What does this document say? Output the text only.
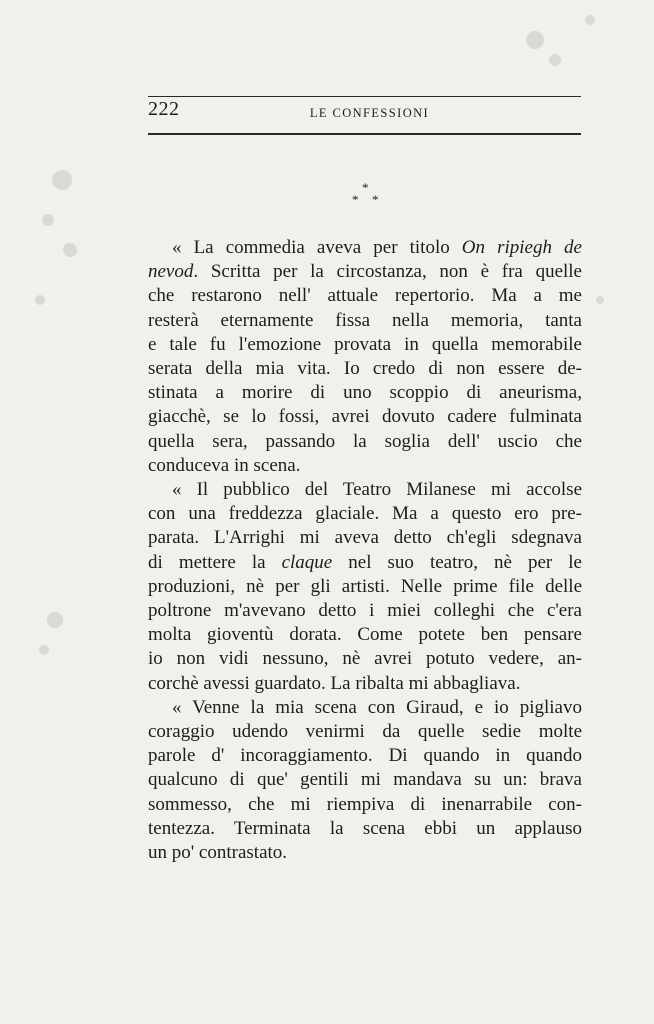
222	LE CONFESSIONI
*
* *

« La commedia aveva per titolo On ripiegh de
nevod. Scritta per la circostanza, non è fra quelle
che restarono nell' attuale repertorio. Ma a me
resterà eternamente fissa nella memoria, tanta
e tale fu l'emozione provata in quella memorabile
serata della mia vita. Io credo di non essere de-
stinata a morire di uno scoppio di aneurisma,
giacchè, se lo fossi, avrei dovuto cadere fulminata
quella sera, passando la soglia dell' uscio che
conduceva in scena.

« Il pubblico del Teatro Milanese mi accolse
con una freddezza glaciale. Ma a questo ero pre-
parata. L'Arrighi mi aveva detto ch'egli sdegnava
di mettere la claque nel suo teatro, nè per le
produzioni, nè per gli artisti. Nelle prime file delle
poltrone m'avevano detto i miei colleghi che c'era
molta gioventù dorata. Come potete ben pensare
io non vidi nessuno, nè avrei potuto vedere, an-
corchè avessi guardato. La ribalta mi abbagliava.

« Venne la mia scena con Giraud, e io pigliavo
coraggio udendo venirmi da quelle sedie molte
parole d' incoraggiamento. Di quando in quando
qualcuno di que' gentili mi mandava su un: brava
sommesso, che mi riempiva di inenarrabile con-
tentezza. Terminata la scena ebbi un applauso
un po' contrastato.
